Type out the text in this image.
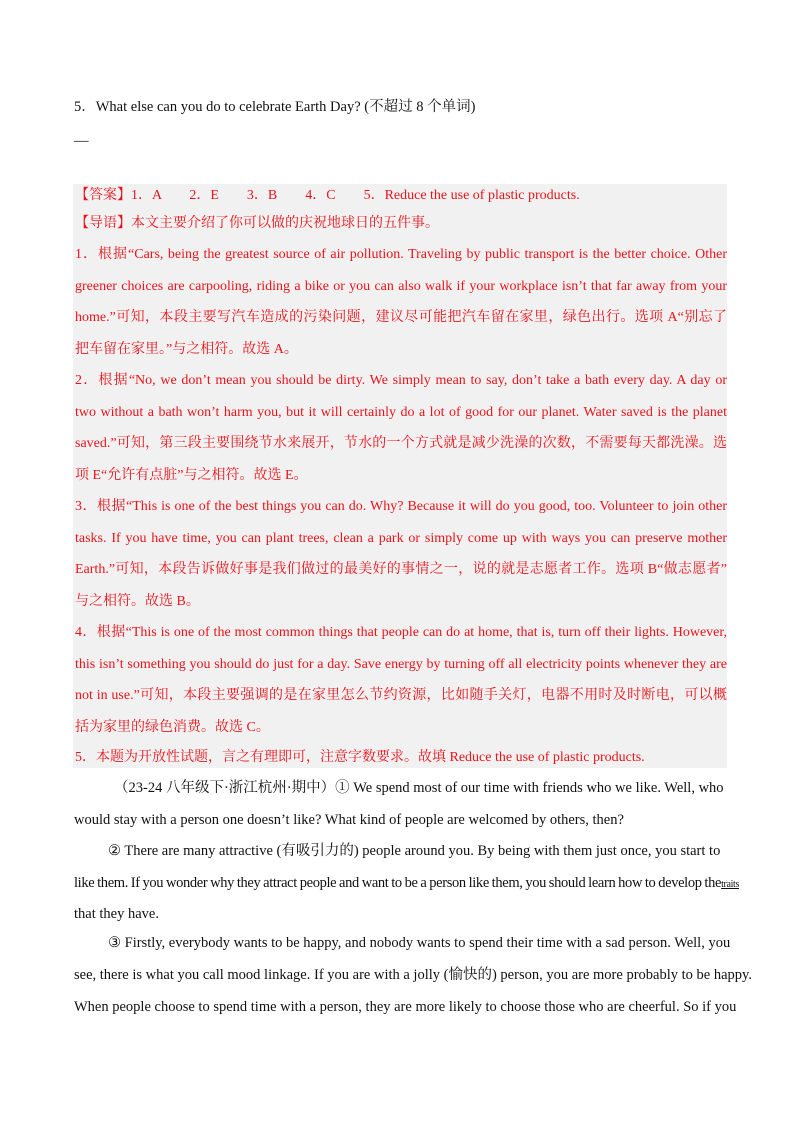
5．What else can you do to celebrate Earth Day? (不超过 8 个单词)
—
【答案】1．A　　2．E　　3．B　　4．C　　5．Reduce the use of plastic products.
【导语】本文主要介绍了你可以做的庆祝地球日的五件事。
1．根据“Cars, being the greatest source of air pollution. Traveling by public transport is the better choice. Other
greener choices are carpooling, riding a bike or you can also walk if your workplace isn’t that far away from your
home.”可知，本段主要写汽车造成的污染问题，建议尽可能把汽车留在家里，绿色出行。选项 A“别忘了
把车留在家里。”与之相符。故选 A。
2．根据“No, we don’t mean you should be dirty. We simply mean to say, don’t take a bath every day. A day or
two without a bath won’t harm you, but it will certainly do a lot of good for our planet. Water saved is the planet
saved.”可知，第三段主要围绕节水来展开，节水的一个方式就是减少洗澡的次数，不需要每天都洗澡。选
项 E“允许有点脏”与之相符。故选 E。
3．根据“This is one of the best things you can do. Why? Because it will do you good, too. Volunteer to join other
tasks. If you have time, you can plant trees, clean a park or simply come up with ways you can preserve mother
Earth.”可知，本段告诉做好事是我们做过的最美好的事情之一，说的就是志愿者工作。选项 B“做志愿者”
与之相符。故选 B。
4．根据“This is one of the most common things that people can do at home, that is, turn off their lights. However,
this isn’t something you should do just for a day. Save energy by turning off all electricity points whenever they are
not in use.”可知，本段主要强调的是在家里怎么节约资源，比如随手关灯，电器不用时及时断电，可以概
括为家里的绿色消费。故选 C。
5．本题为开放性试题，言之有理即可，注意字数要求。故填 Reduce the use of plastic products.
（23-24 八年级下·浙江杭州·期中）① We spend most of our time with friends who we like. Well, who
would stay with a person one doesn’t like? What kind of people are welcomed by others, then?
② There are many attractive (有吸引力的) people around you. By being with them just once, you start to
like them. If you wonder why they attract people and want to be a person like them, you should learn how to develop thetraits
that they have.
③ Firstly, everybody wants to be happy, and nobody wants to spend their time with a sad person. Well, you
see, there is what you call mood linkage. If you are with a jolly (愉快的) person, you are more probably to be happy.
When people choose to spend time with a person, they are more likely to choose those who are cheerful. So if you
